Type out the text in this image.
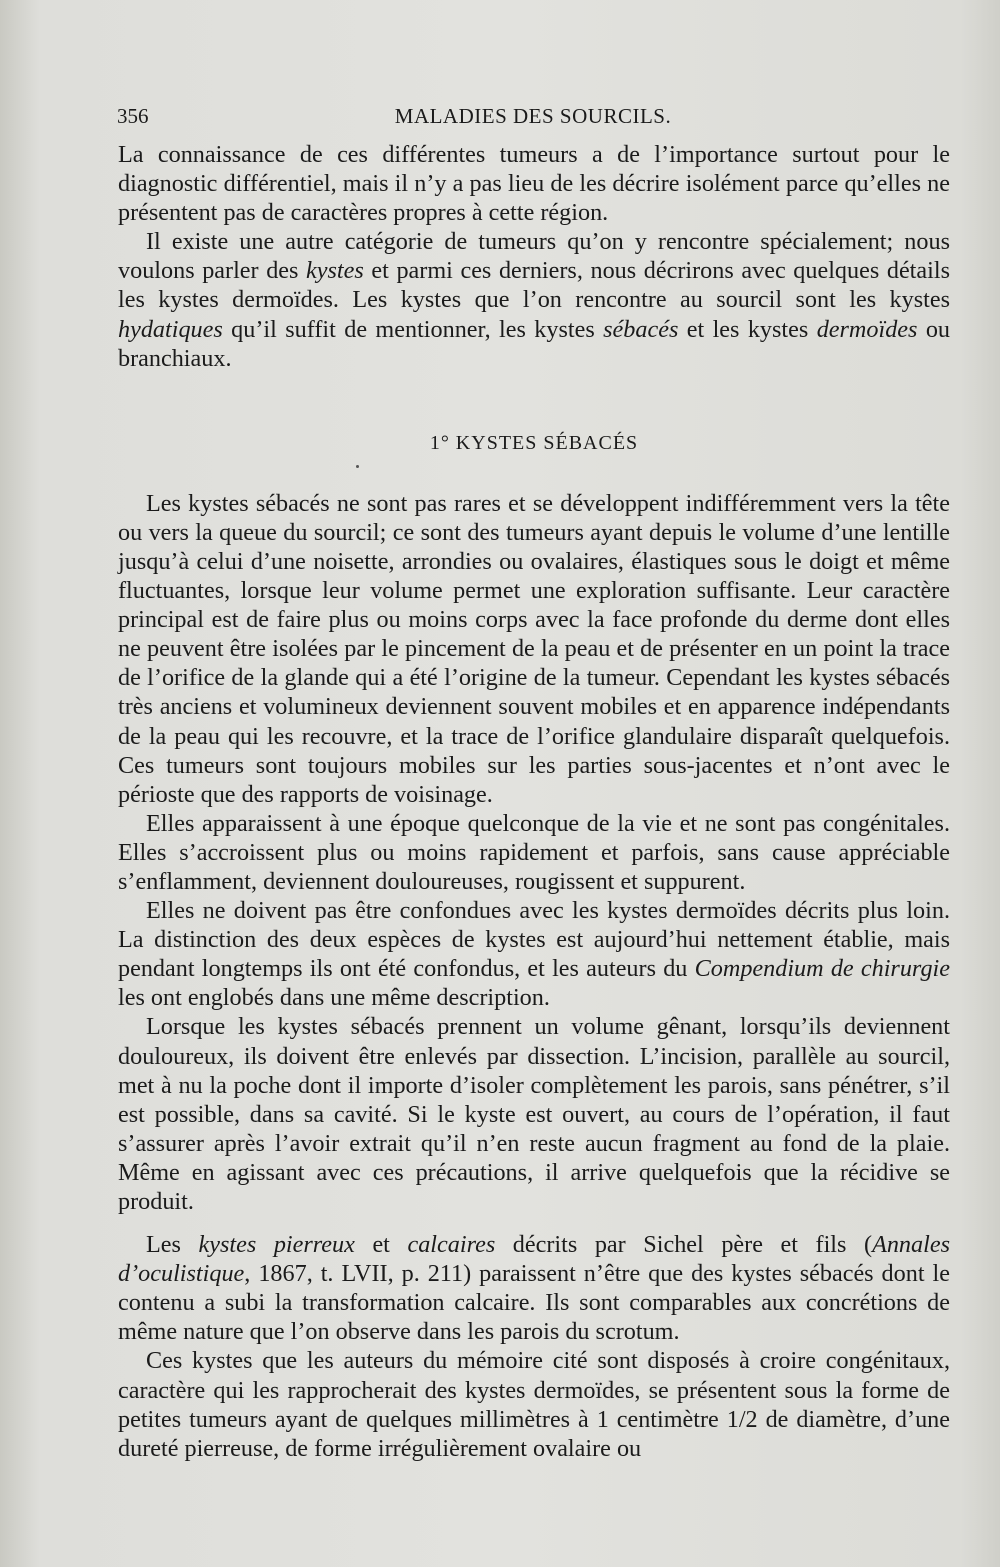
356	MALADIES DES SOURCILS.

La connaissance de ces différentes tumeurs a de l’importance surtout pour le diagnostic différentiel, mais il n’y a pas lieu de les décrire isolément parce qu’elles ne présentent pas de caractères propres à cette région.

Il existe une autre catégorie de tumeurs qu’on y rencontre spécialement; nous voulons parler des kystes et parmi ces derniers, nous décrirons avec quelques détails les kystes dermoïdes. Les kystes que l’on rencontre au sourcil sont les kystes hydatiques qu’il suffit de mentionner, les kystes sébacés et les kystes dermoïdes ou branchiaux.

1° KYSTES SÉBACÉS

Les kystes sébacés ne sont pas rares et se développent indifféremment vers la tête ou vers la queue du sourcil; ce sont des tumeurs ayant depuis le volume d’une lentille jusqu’à celui d’une noisette, arrondies ou ovalaires, élastiques sous le doigt et même fluctuantes, lorsque leur volume permet une exploration suffisante. Leur caractère principal est de faire plus ou moins corps avec la face profonde du derme dont elles ne peuvent être isolées par le pincement de la peau et de présenter en un point la trace de l’orifice de la glande qui a été l’origine de la tumeur. Cependant les kystes sébacés très anciens et volumineux deviennent souvent mobiles et en apparence indépendants de la peau qui les recouvre, et la trace de l’orifice glandulaire disparaît quelquefois. Ces tumeurs sont toujours mobiles sur les parties sous-jacentes et n’ont avec le périoste que des rapports de voisinage.

Elles apparaissent à une époque quelconque de la vie et ne sont pas congénitales. Elles s’accroissent plus ou moins rapidement et parfois, sans cause appréciable s’enflamment, deviennent douloureuses, rougissent et suppurent.

Elles ne doivent pas être confondues avec les kystes dermoïdes décrits plus loin. La distinction des deux espèces de kystes est aujourd’hui nettement établie, mais pendant longtemps ils ont été confondus, et les auteurs du Compendium de chirurgie les ont englobés dans une même description.

Lorsque les kystes sébacés prennent un volume gênant, lorsqu’ils deviennent douloureux, ils doivent être enlevés par dissection. L’incision, parallèle au sourcil, met à nu la poche dont il importe d’isoler complètement les parois, sans pénétrer, s’il est possible, dans sa cavité. Si le kyste est ouvert, au cours de l’opération, il faut s’assurer après l’avoir extrait qu’il n’en reste aucun fragment au fond de la plaie. Même en agissant avec ces précautions, il arrive quelquefois que la récidive se produit.

Les kystes pierreux et calcaires décrits par Sichel père et fils (Annales d’oculistique, 1867, t. LVII, p. 211) paraissent n’être que des kystes sébacés dont le contenu a subi la transformation calcaire. Ils sont comparables aux concrétions de même nature que l’on observe dans les parois du scrotum.

Ces kystes que les auteurs du mémoire cité sont disposés à croire congénitaux, caractère qui les rapprocherait des kystes dermoïdes, se présentent sous la forme de petites tumeurs ayant de quelques millimètres à 1 centimètre 1/2 de diamètre, d’une dureté pierreuse, de forme irrégulièrement ovalaire ou
